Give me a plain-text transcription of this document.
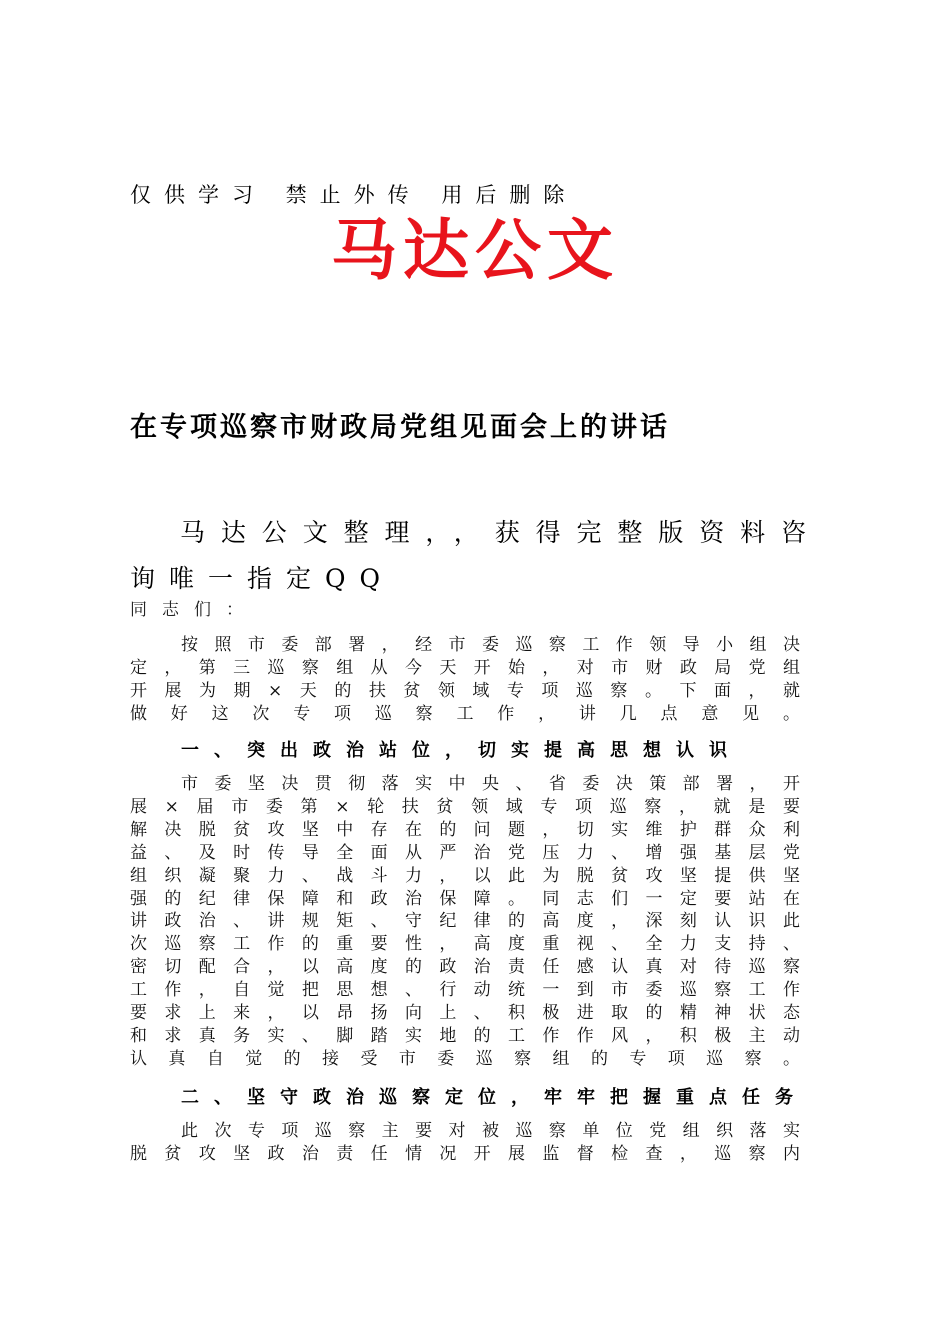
仅供学习 禁止外传 用后删除
马达公文
在专项巡察市财政局党组见面会上的讲话
马达公文整理，，获得完整版资料咨询唯一指定QQ
同志们：
按照市委部署，经市委巡察工作领导小组决定，第三巡察组从今天开始，对市财政局党组开展为期×天的扶贫领域专项巡察。下面，就做好这次专项巡察工作，讲几点意见。
一、突出政治站位，切实提高思想认识
市委坚决贯彻落实中央、省委决策部署，开展×届市委第×轮扶贫领域专项巡察，就是要解决脱贫攻坚中存在的问题，切实维护群众利益、及时传导全面从严治党压力、增强基层党组织凝聚力、战斗力，以此为脱贫攻坚提供坚强的纪律保障和政治保障。同志们一定要站在讲政治、讲规矩、守纪律的高度，深刻认识此次巡察工作的重要性，高度重视、全力支持、密切配合，以高度的政治责任感认真对待巡察工作，自觉把思想、行动统一到市委巡察工作要求上来，以昂扬向上、积极进取的精神状态和求真务实、脚踏实地的工作作风，积极主动认真自觉的接受市委巡察组的专项巡察。
二、坚守政治巡察定位，牢牢把握重点任务
此次专项巡察主要对被巡察单位党组织落实脱贫攻坚政治责任情况开展监督检查，巡察内
